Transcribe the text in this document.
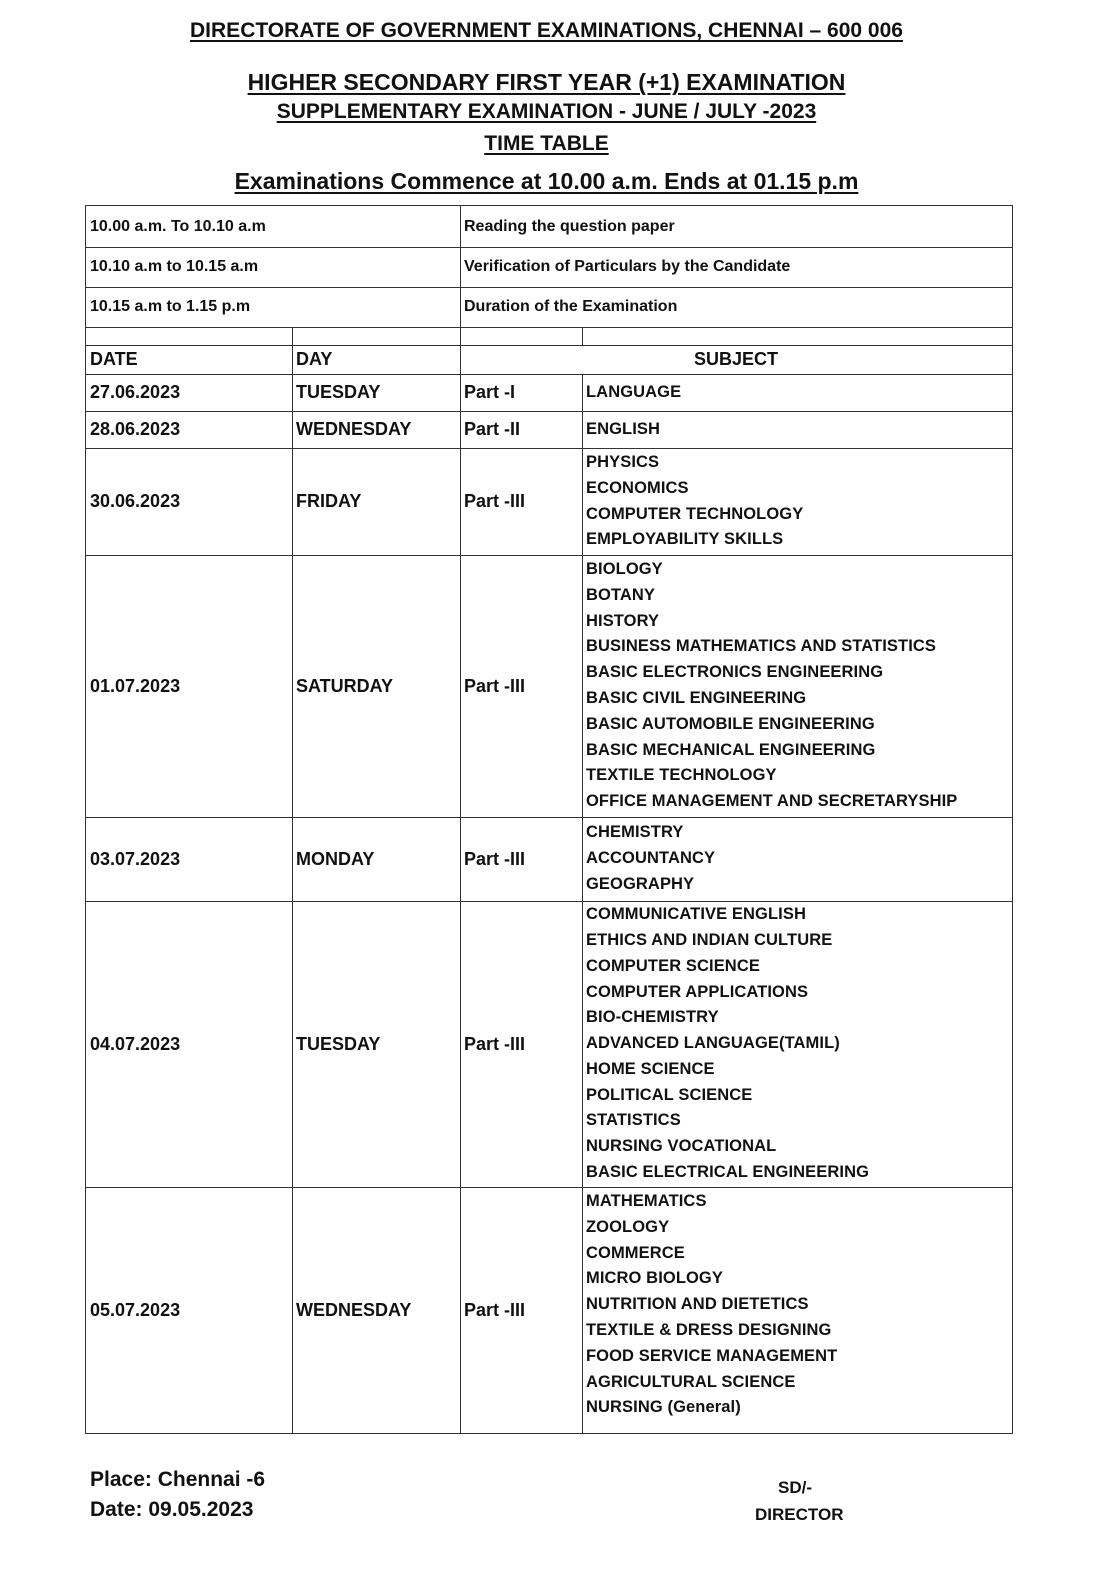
DIRECTORATE OF GOVERNMENT EXAMINATIONS, CHENNAI – 600 006
HIGHER SECONDARY FIRST YEAR (+1) EXAMINATION
SUPPLEMENTARY EXAMINATION - JUNE / JULY -2023
TIME TABLE
Examinations Commence at 10.00 a.m. Ends at 01.15 p.m
10.00 a.m. To 10.10 a.m	Reading the question paper
10.10 a.m to 10.15 a.m	Verification of Particulars by the Candidate
10.15 a.m to 1.15 p.m	Duration of the Examination
DATE	DAY	SUBJECT
27.06.2023	TUESDAY	Part -I	LANGUAGE
28.06.2023	WEDNESDAY	Part -II	ENGLISH
30.06.2023	FRIDAY	Part -III
PHYSICS
ECONOMICS
COMPUTER TECHNOLOGY
EMPLOYABILITY SKILLS
01.07.2023	SATURDAY	Part -III
BIOLOGY
BOTANY
HISTORY
BUSINESS MATHEMATICS AND STATISTICS
BASIC ELECTRONICS ENGINEERING
BASIC CIVIL ENGINEERING
BASIC AUTOMOBILE ENGINEERING
BASIC MECHANICAL ENGINEERING
TEXTILE TECHNOLOGY
OFFICE MANAGEMENT AND SECRETARYSHIP
03.07.2023	MONDAY	Part -III
CHEMISTRY
ACCOUNTANCY
GEOGRAPHY
04.07.2023	TUESDAY	Part -III
COMMUNICATIVE ENGLISH
ETHICS AND INDIAN CULTURE
COMPUTER SCIENCE
COMPUTER APPLICATIONS
BIO-CHEMISTRY
ADVANCED LANGUAGE(TAMIL)
HOME SCIENCE
POLITICAL SCIENCE
STATISTICS
NURSING VOCATIONAL
BASIC ELECTRICAL ENGINEERING
05.07.2023	WEDNESDAY	Part -III
MATHEMATICS
ZOOLOGY
COMMERCE
MICRO BIOLOGY
NUTRITION AND DIETETICS
TEXTILE & DRESS DESIGNING
FOOD SERVICE MANAGEMENT
AGRICULTURAL SCIENCE
NURSING (General)
Place: Chennai -6
Date: 09.05.2023
SD/-
DIRECTOR
